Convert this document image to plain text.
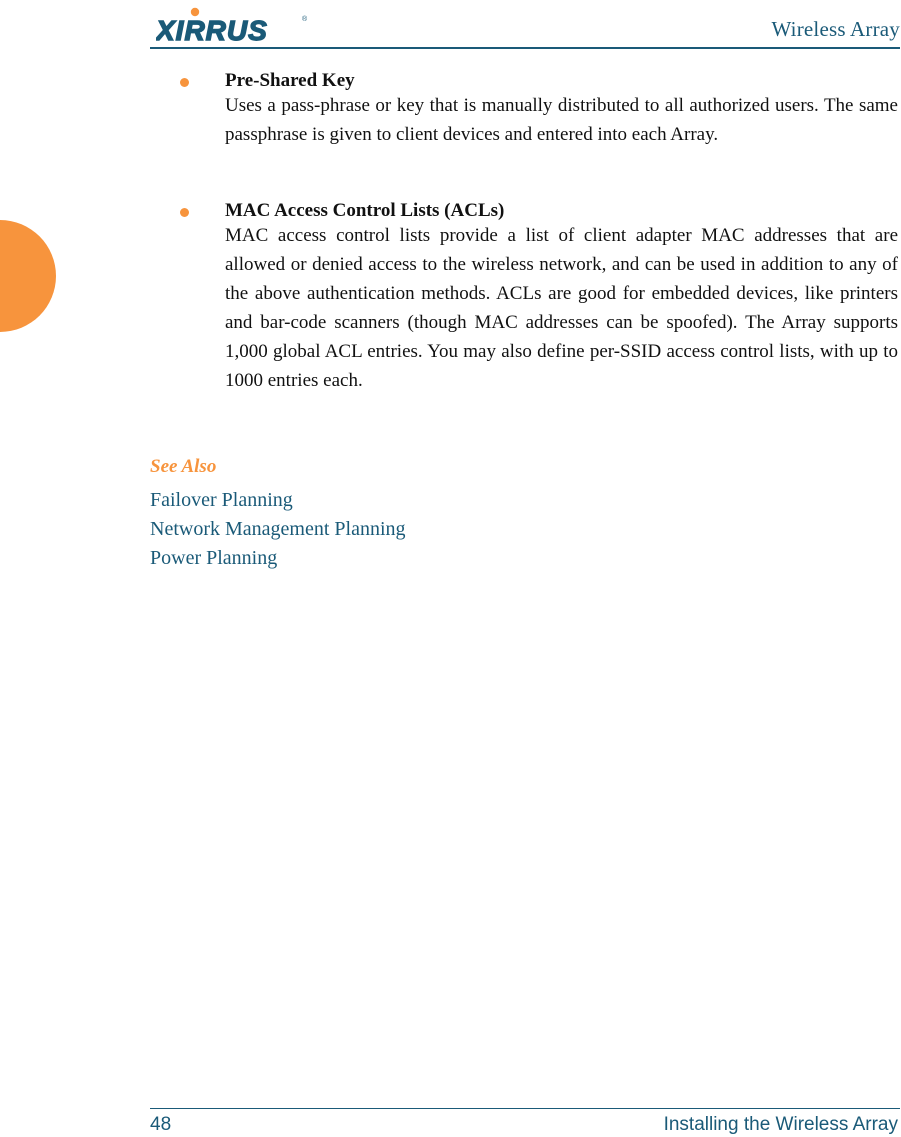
XIRRUS	®	Wireless Array
Pre-Shared Key
Uses a pass-phrase or key that is manually distributed to all authorized users. The same passphrase is given to client devices and entered into each Array.
MAC Access Control Lists (ACLs)
MAC access control lists provide a list of client adapter MAC addresses that are allowed or denied access to the wireless network, and can be used in addition to any of the above authentication methods. ACLs are good for embedded devices, like printers and bar-code scanners (though MAC addresses can be spoofed). The Array supports 1,000 global ACL entries. You may also define per-SSID access control lists, with up to 1000 entries each.
See Also
Failover Planning
Network Management Planning
Power Planning
48	Installing the Wireless Array
